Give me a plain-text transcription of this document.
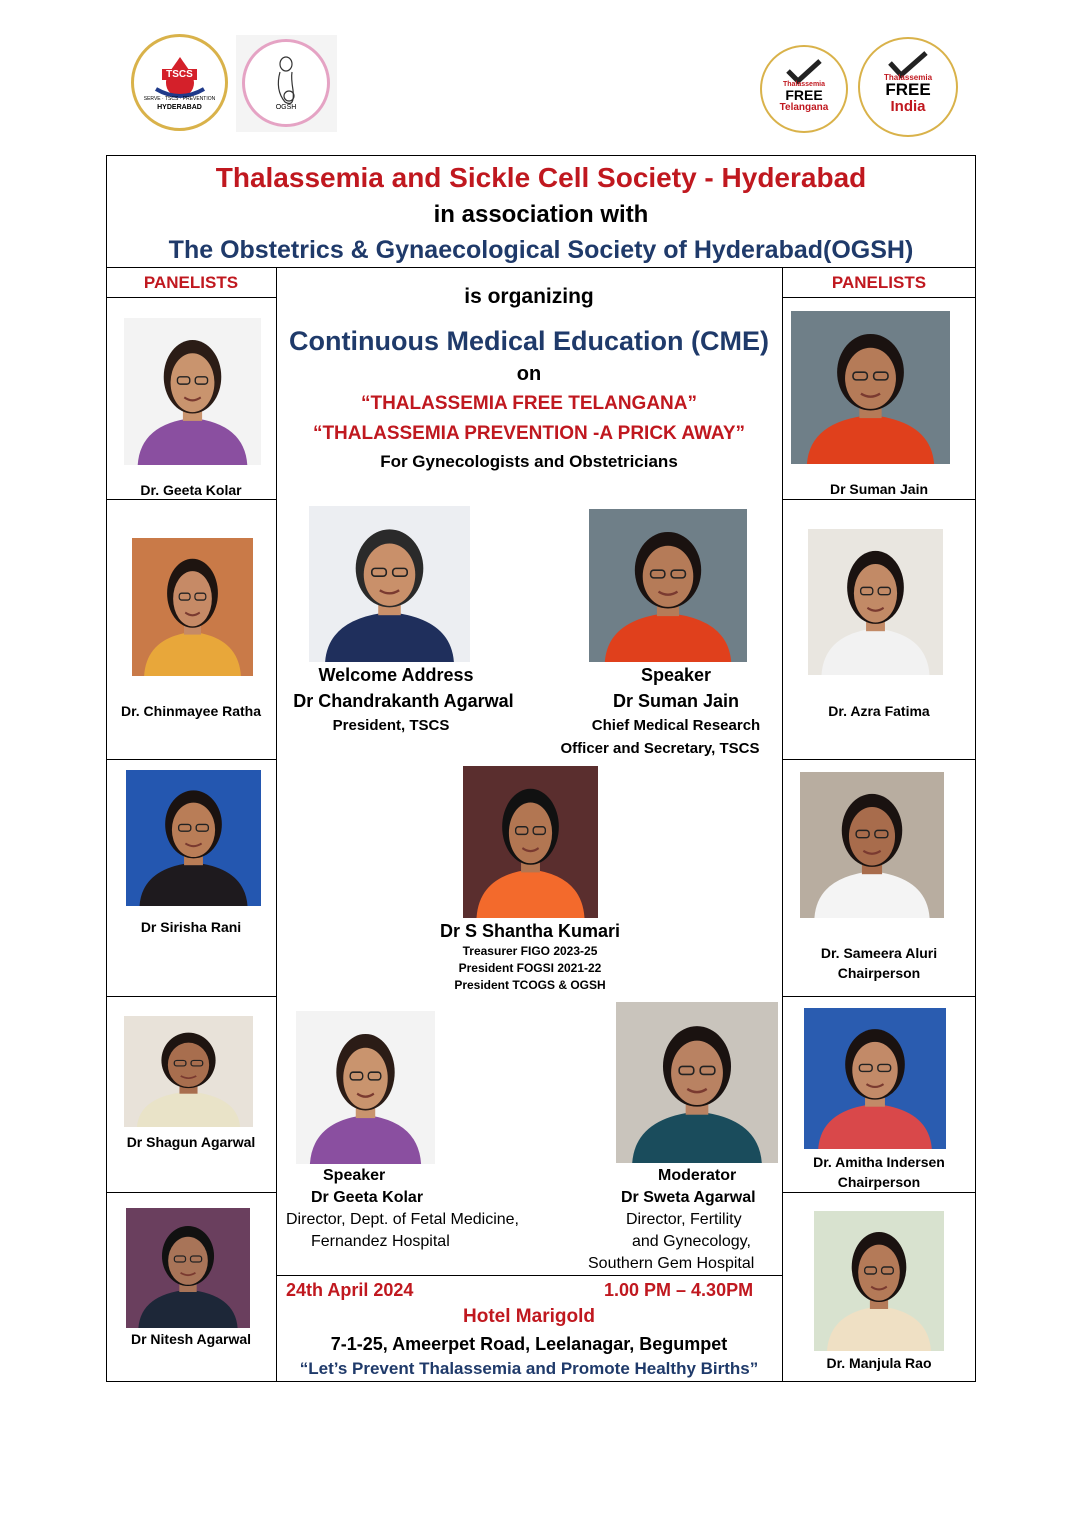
TSCS
SERVE · TSCS · PREVENTION
HYDERABAD	OGSH
Thalassemia
FREE
Telangana
Thalassemia
FREE
India
Thalassemia and Sickle Cell Society - Hyderabad
in association with
The Obstetrics & Gynaecological Society of Hyderabad(OGSH)
PANELISTS	PANELISTS
Dr. Geeta Kolar
Dr. Chinmayee Ratha
Dr Sirisha Rani
Dr Shagun Agarwal
Dr Nitesh Agarwal
Dr Suman Jain
Dr. Azra Fatima
Dr. Sameera Aluri
Chairperson
Dr. Amitha Indersen
Chairperson
Dr. Manjula Rao
is organizing
Continuous Medical Education (CME)
on
“THALASSEMIA FREE TELANGANA”
“THALASSEMIA PREVENTION -A PRICK AWAY”
For Gynecologists and Obstetricians
Welcome Address
Dr Chandrakanth Agarwal
President, TSCS
Speaker
Dr Suman Jain
Chief Medical Research
Officer and Secretary, TSCS
Dr S Shantha Kumari
Treasurer FIGO 2023-25
President FOGSI 2021-22
President TCOGS & OGSH
Speaker
Dr Geeta Kolar
Director, Dept. of Fetal Medicine,
Fernandez Hospital
Moderator
Dr Sweta Agarwal
Director, Fertility
and Gynecology,
Southern Gem Hospital
24th April 2024	1.00 PM – 4.30PM
Hotel Marigold
7-1-25, Ameerpet Road, Leelanagar, Begumpet
“Let’s Prevent Thalassemia and Promote Healthy Births”
